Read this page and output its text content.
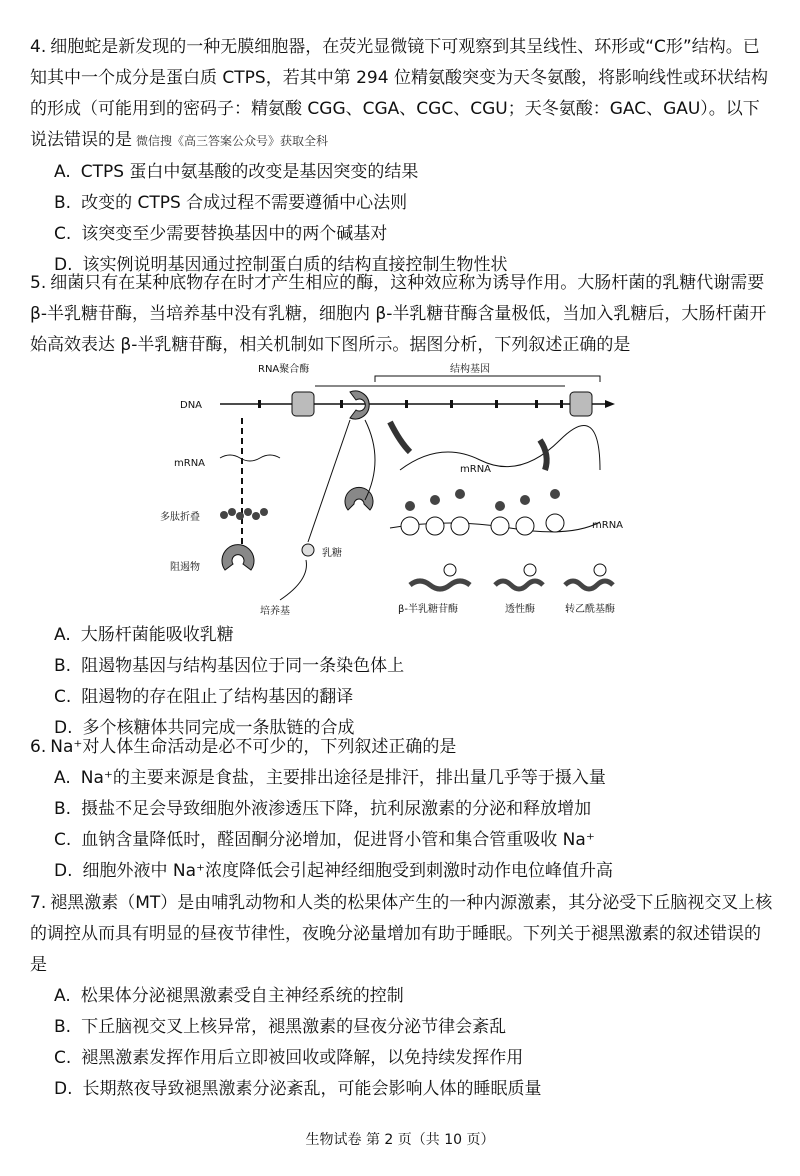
4. 细胞蛇是新发现的一种无膜细胞器，在荧光显微镜下可观察到其呈线性、环形或“C形”结构。已知其中一个成分是蛋白质 CTPS，若其中第 294 位精氨酸突变为天冬氨酸，将影响线性或环状结构的形成（可能用到的密码子：精氨酸 CGG、CGA、CGC、CGU；天冬氨酸：GAC、GAU）。以下说法错误的是 微信搜《高三答案公众号》获取全科

A. CTPS 蛋白中氨基酸的改变是基因突变的结果

B. 改变的 CTPS 合成过程不需要遵循中心法则

C. 该突变至少需要替换基因中的两个碱基对

D. 该实例说明基因通过控制蛋白质的结构直接控制生物性状

5. 细菌只有在某种底物存在时才产生相应的酶，这种效应称为诱导作用。大肠杆菌的乳糖代谢需要 β-半乳糖苷酶，当培养基中没有乳糖，细胞内 β-半乳糖苷酶含量极低，当加入乳糖后，大肠杆菌开始高效表达 β-半乳糖苷酶，相关机制如下图所示。据图分析，下列叙述正确的是

RNA聚合酶	结构基因
DNA
mRNA
多肽折叠
阻遏物
乳糖
培养基
mRNA
mRNA
β-半乳糖苷酶	透性酶	转乙酰基酶

A. 大肠杆菌能吸收乳糖

B. 阻遏物基因与结构基因位于同一条染色体上

C. 阻遏物的存在阻止了结构基因的翻译

D. 多个核糖体共同完成一条肽链的合成

6. Na⁺对人体生命活动是必不可少的，下列叙述正确的是

A. Na⁺的主要来源是食盐，主要排出途径是排汗，排出量几乎等于摄入量

B. 摄盐不足会导致细胞外液渗透压下降，抗利尿激素的分泌和释放增加

C. 血钠含量降低时，醛固酮分泌增加，促进肾小管和集合管重吸收 Na⁺

D. 细胞外液中 Na⁺浓度降低会引起神经细胞受到刺激时动作电位峰值升高

7. 褪黑激素（MT）是由哺乳动物和人类的松果体产生的一种内源激素，其分泌受下丘脑视交叉上核的调控从而具有明显的昼夜节律性，夜晚分泌量增加有助于睡眠。下列关于褪黑激素的叙述错误的是

A. 松果体分泌褪黑激素受自主神经系统的控制

B. 下丘脑视交叉上核异常，褪黑激素的昼夜分泌节律会紊乱

C. 褪黑激素发挥作用后立即被回收或降解，以免持续发挥作用

D. 长期熬夜导致褪黑激素分泌紊乱，可能会影响人体的睡眠质量

生物试卷 第 2 页（共 10 页）
